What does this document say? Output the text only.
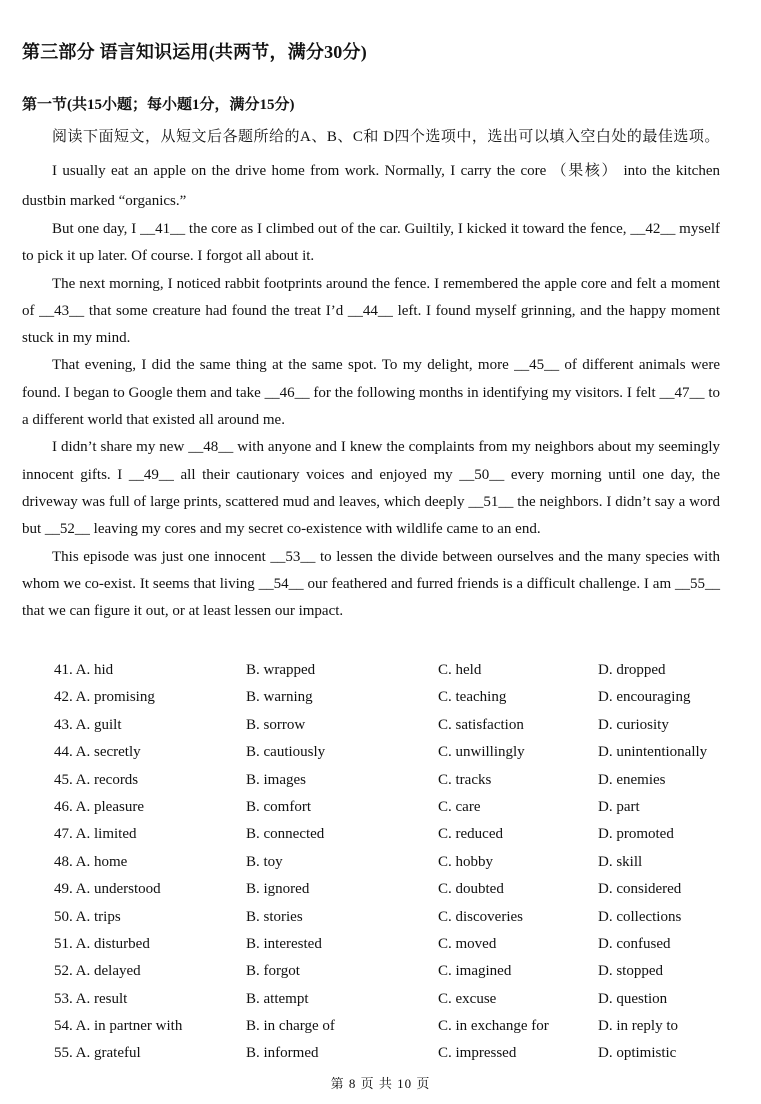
第三部分 语言知识运用(共两节，满分30分)
第一节(共15小题；每小题1分，满分15分)

阅读下面短文，从短文后各题所给的A、B、C和 D四个选项中，选出可以填入空白处的最佳选项。

I usually eat an apple on the drive home from work. Normally, I carry the core （果核） into the kitchen dustbin marked “organics.”

But one day, I __41__ the core as I climbed out of the car. Guiltily, I kicked it toward the fence, __42__ myself to pick it up later. Of course. I forgot all about it.

The next morning, I noticed rabbit footprints around the fence. I remembered the apple core and felt a moment of __43__ that some creature had found the treat I’d __44__ left. I found myself grinning, and the happy moment stuck in my mind.

That evening, I did the same thing at the same spot. To my delight, more __45__ of different animals were found. I began to Google them and take __46__ for the following months in identifying my visitors. I felt __47__ to a different world that existed all around me.

I didn’t share my new __48__ with anyone and I knew the complaints from my neighbors about my seemingly innocent gifts. I __49__ all their cautionary voices and enjoyed my __50__ every morning until one day, the driveway was full of large prints, scattered mud and leaves, which deeply __51__ the neighbors. I didn’t say a word but __52__ leaving my cores and my secret co-existence with wildlife came to an end.

This episode was just one innocent __53__ to lessen the divide between ourselves and the many species with whom we co-exist. It seems that living __54__ our feathered and furred friends is a difficult challenge. I am __55__ that we can figure it out, or at least lessen our impact.

41. A. hid	B. wrapped	C. held	D. dropped
42. A. promising	B. warning	C. teaching	D. encouraging
43. A. guilt	B. sorrow	C. satisfaction	D. curiosity
44. A. secretly	B. cautiously	C. unwillingly	D. unintentionally
45. A. records	B. images	C. tracks	D. enemies
46. A. pleasure	B. comfort	C. care	D. part
47. A. limited	B. connected	C. reduced	D. promoted
48. A. home	B. toy	C. hobby	D. skill
49. A. understood	B. ignored	C. doubted	D. considered
50. A. trips	B. stories	C. discoveries	D. collections
51. A. disturbed	B. interested	C. moved	D. confused
52. A. delayed	B. forgot	C. imagined	D. stopped
53. A. result	B. attempt	C. excuse	D. question
54. A. in partner with	B. in charge of	C. in exchange for	D. in reply to
55. A. grateful	B. informed	C. impressed	D. optimistic
第 8 页 共 10 页
